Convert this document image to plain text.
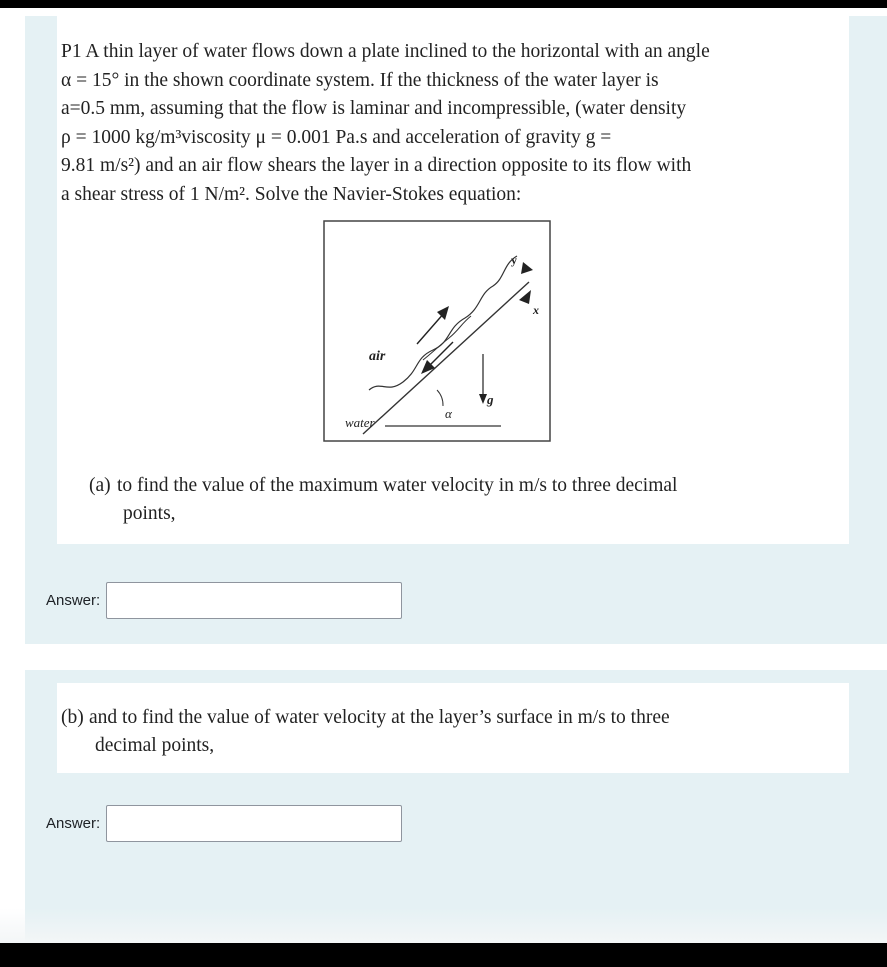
P1 A thin layer of water flows down a plate inclined to the horizontal with an angle
α = 15° in the shown coordinate system. If the thickness of the water layer is
a=0.5 mm, assuming that the flow is laminar and incompressible, (water density
ρ = 1000 kg/m³viscosity μ = 0.001 Pa.s and acceleration of gravity g =
9.81 m/s²) and an air flow shears the layer in a direction opposite to its flow with
a shear stress of 1 N/m². Solve the Navier-Stokes equation:

air
water
α
g
y
x
(a) to find the value of the maximum water velocity in m/s to three decimal
points,
Answer:
(b) and to find the value of water velocity at the layer’s surface in m/s to three
decimal points,
Answer:
